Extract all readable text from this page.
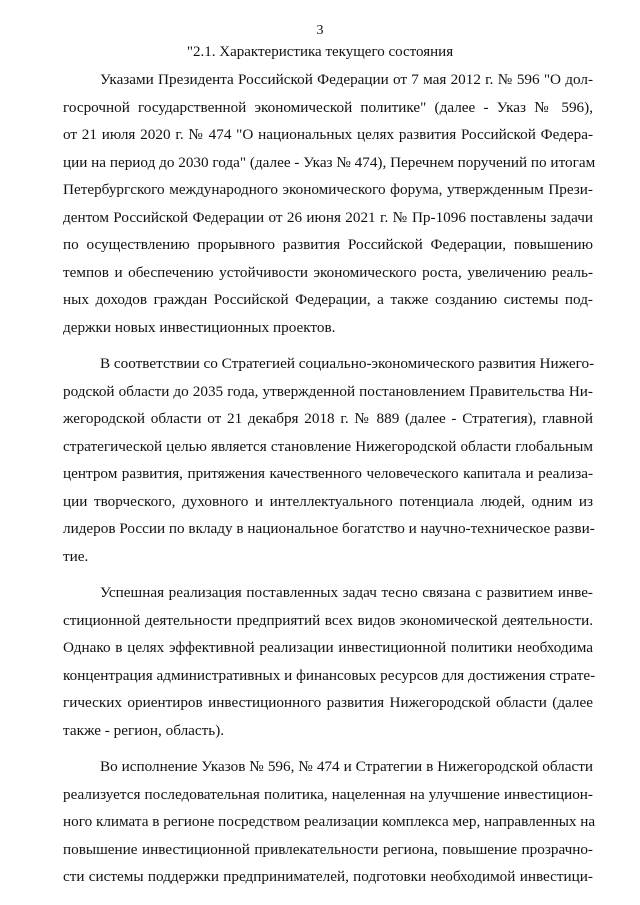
3
"2.1. Характеристика текущего состояния
Указами Президента Российской Федерации от 7 мая 2012 г. № 596 "О дол-
госрочной государственной экономической политике" (далее - Указ № 596),
от 21 июля 2020 г. № 474 "О национальных целях развития Российской Федера-
ции на период до 2030 года" (далее - Указ № 474), Перечнем поручений по итогам
Петербургского международного экономического форума, утвержденным Прези-
дентом Российской Федерации от 26 июня 2021 г. № Пр-1096 поставлены задачи
по осуществлению прорывного развития Российской Федерации, повышению
темпов и обеспечению устойчивости экономического роста, увеличению реаль-
ных доходов граждан Российской Федерации, а также созданию системы под-
держки новых инвестиционных проектов.
В соответствии со Стратегией социально-экономического развития Нижего-
родской области до 2035 года, утвержденной постановлением Правительства Ни-
жегородской области от 21 декабря 2018 г. № 889 (далее - Стратегия), главной
стратегической целью является становление Нижегородской области глобальным
центром развития, притяжения качественного человеческого капитала и реализа-
ции творческого, духовного и интеллектуального потенциала людей, одним из
лидеров России по вкладу в национальное богатство и научно-техническое разви-
тие.
Успешная реализация поставленных задач тесно связана с развитием инве-
стиционной деятельности предприятий всех видов экономической деятельности.
Однако в целях эффективной реализации инвестиционной политики необходима
концентрация административных и финансовых ресурсов для достижения страте-
гических ориентиров инвестиционного развития Нижегородской области (далее
также - регион, область).
Во исполнение Указов № 596, № 474 и Стратегии в Нижегородской области
реализуется последовательная политика, нацеленная на улучшение инвестицион-
ного климата в регионе посредством реализации комплекса мер, направленных на
повышение инвестиционной привлекательности региона, повышение прозрачно-
сти системы поддержки предпринимателей, подготовки необходимой инвестици-
